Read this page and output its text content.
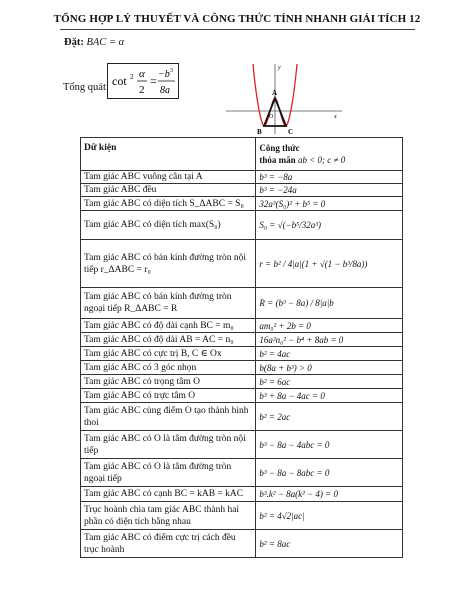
TỔNG HỢP LÝ THUYẾT VÀ CÔNG THỨC TÍNH NHANH GIẢI TÍCH 12
Đặt: BAC = α
Tổng quát: cot 2 α
2
= −b 3
8a	A
B	C
O	x
y
Dữ kiện	Công thức
thỏa mãn ab < 0; c ≠ 0

Tam giác ABC vuông cân tại A	b³ = −8a
Tam giác ABC đều	b³ = −24a
Tam giác ABC có diện tích S_ΔABC = S₀	32a³(S₀)² + b⁵ = 0
Tam giác ABC có diện tích max(S₀)	S₀ = √(−b⁵/32a³)
Tam giác ABC có bán kính đường tròn nội tiếp r_ΔABC = r₀	r = b² / 4|a|(1 + √(1 − b³/8a))
Tam giác ABC có bán kính đường tròn ngoại tiếp R_ΔABC = R	R = (b³ − 8a) / 8|a|b
Tam giác ABC có độ dài cạnh BC = m₀	am₀² + 2b = 0
Tam giác ABC có độ dài AB = AC = n₀	16a²n₀² − b⁴ + 8ab = 0
Tam giác ABC có cực trị B, C ∈ Ox	b² = 4ac
Tam giác ABC có 3 góc nhọn	b(8a + b³) > 0
Tam giác ABC có trọng tâm O	b² = 6ac
Tam giác ABC có trực tâm O	b³ + 8a − 4ac = 0
Tam giác ABC cùng điểm O tạo thành hình thoi	b² = 2ac
Tam giác ABC có O là tâm đường tròn nội tiếp	b³ − 8a − 4abc = 0
Tam giác ABC có O là tâm đường tròn ngoại tiếp	b³ − 8a − 8abc = 0
Tam giác ABC có cạnh BC = kAB = kAC	b³.k² − 8a(k² − 4) = 0
Trục hoành chia tam giác ABC thành hai phần có diện tích bằng nhau	b² = 4√2|ac|
Tam giác ABC có điểm cực trị cách đều trục hoành	b² = 8ac
